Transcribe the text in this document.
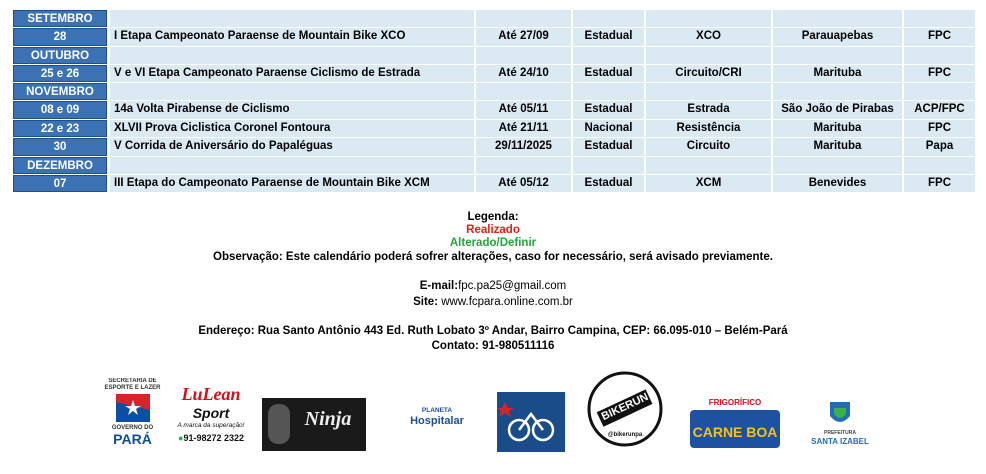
SETEMBRO
28	I Etapa Campeonato Paraense de Mountain Bike XCO	Até 27/09	Estadual	XCO	Parauapebas	FPC
OUTUBRO
25 e 26	V e VI Etapa Campeonato Paraense Ciclismo de Estrada	Até 24/10	Estadual	Circuito/CRI	Marituba	FPC
NOVEMBRO
08 e 09	14a Volta Pirabense de Ciclismo	Até 05/11	Estadual	Estrada	São João de Pirabas	ACP/FPC
22 e 23	XLVII Prova Ciclistica Coronel Fontoura	Até 21/11	Nacional	Resistência	Marituba	FPC
30	V Corrida de Aniversário do Papaléguas	29/11/2025	Estadual	Circuito	Marituba	Papa
DEZEMBRO
07	III Etapa do Campeonato Paraense de Mountain Bike XCM	Até 05/12	Estadual	XCM	Benevides	FPC
Legenda:
Realizado
Alterado/Definir
Observação: Este calendário poderá sofrer alterações, caso for necessário, será avisado previamente.
E-mail:fpc.pa25@gmail.com
Site: www.fcpara.online.com.br
Endereço: Rua Santo Antônio 443 Ed. Ruth Lobato 3º Andar, Bairro Campina, CEP: 66.095-010 – Belém-Pará
Contato: 91-980511116
SECRETARIA DE
ESPORTE E LAZER
GOVERNO DO
PARÁ
LuLean
Sport
A marca da superação!
●91-98272 2322
Ninja	PLANETA
Hospitalar	BIKERUN
@bikerunpa
FRIGORÍFICO
CARNE BOA	PREFEITURA
SANTA IZABEL
